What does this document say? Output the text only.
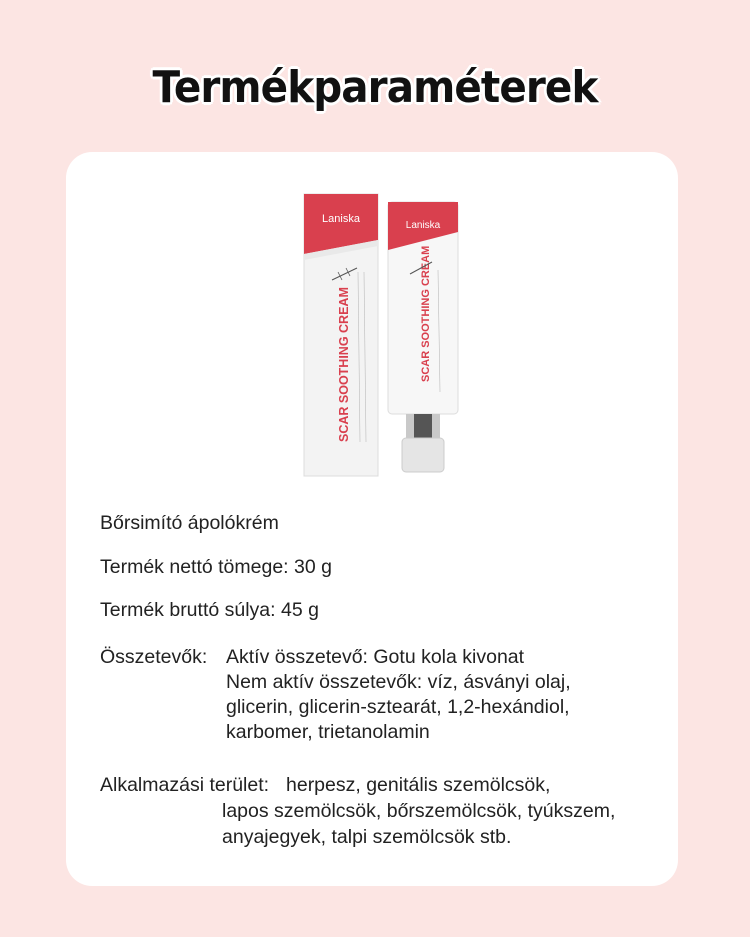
Termékparaméterek
Laniska
SCAR SOOTHING CREAM
Laniska
SCAR SOOTHING CREAM
Bőrsimító ápolókrém
Termék nettó tömege: 30 g
Termék bruttó súlya: 45 g
Összetevők: Aktív összetevő: Gotu kola kivonat
Nem aktív összetevők: víz, ásványi olaj,
glicerin, glicerin-sztearát, 1,2-hexándiol,
karbomer, trietanolamin
Alkalmazási terület: herpesz, genitális szemölcsök,
lapos szemölcsök, bőrszemölcsök, tyúkszem,
anyajegyek, talpi szemölcsök stb.
